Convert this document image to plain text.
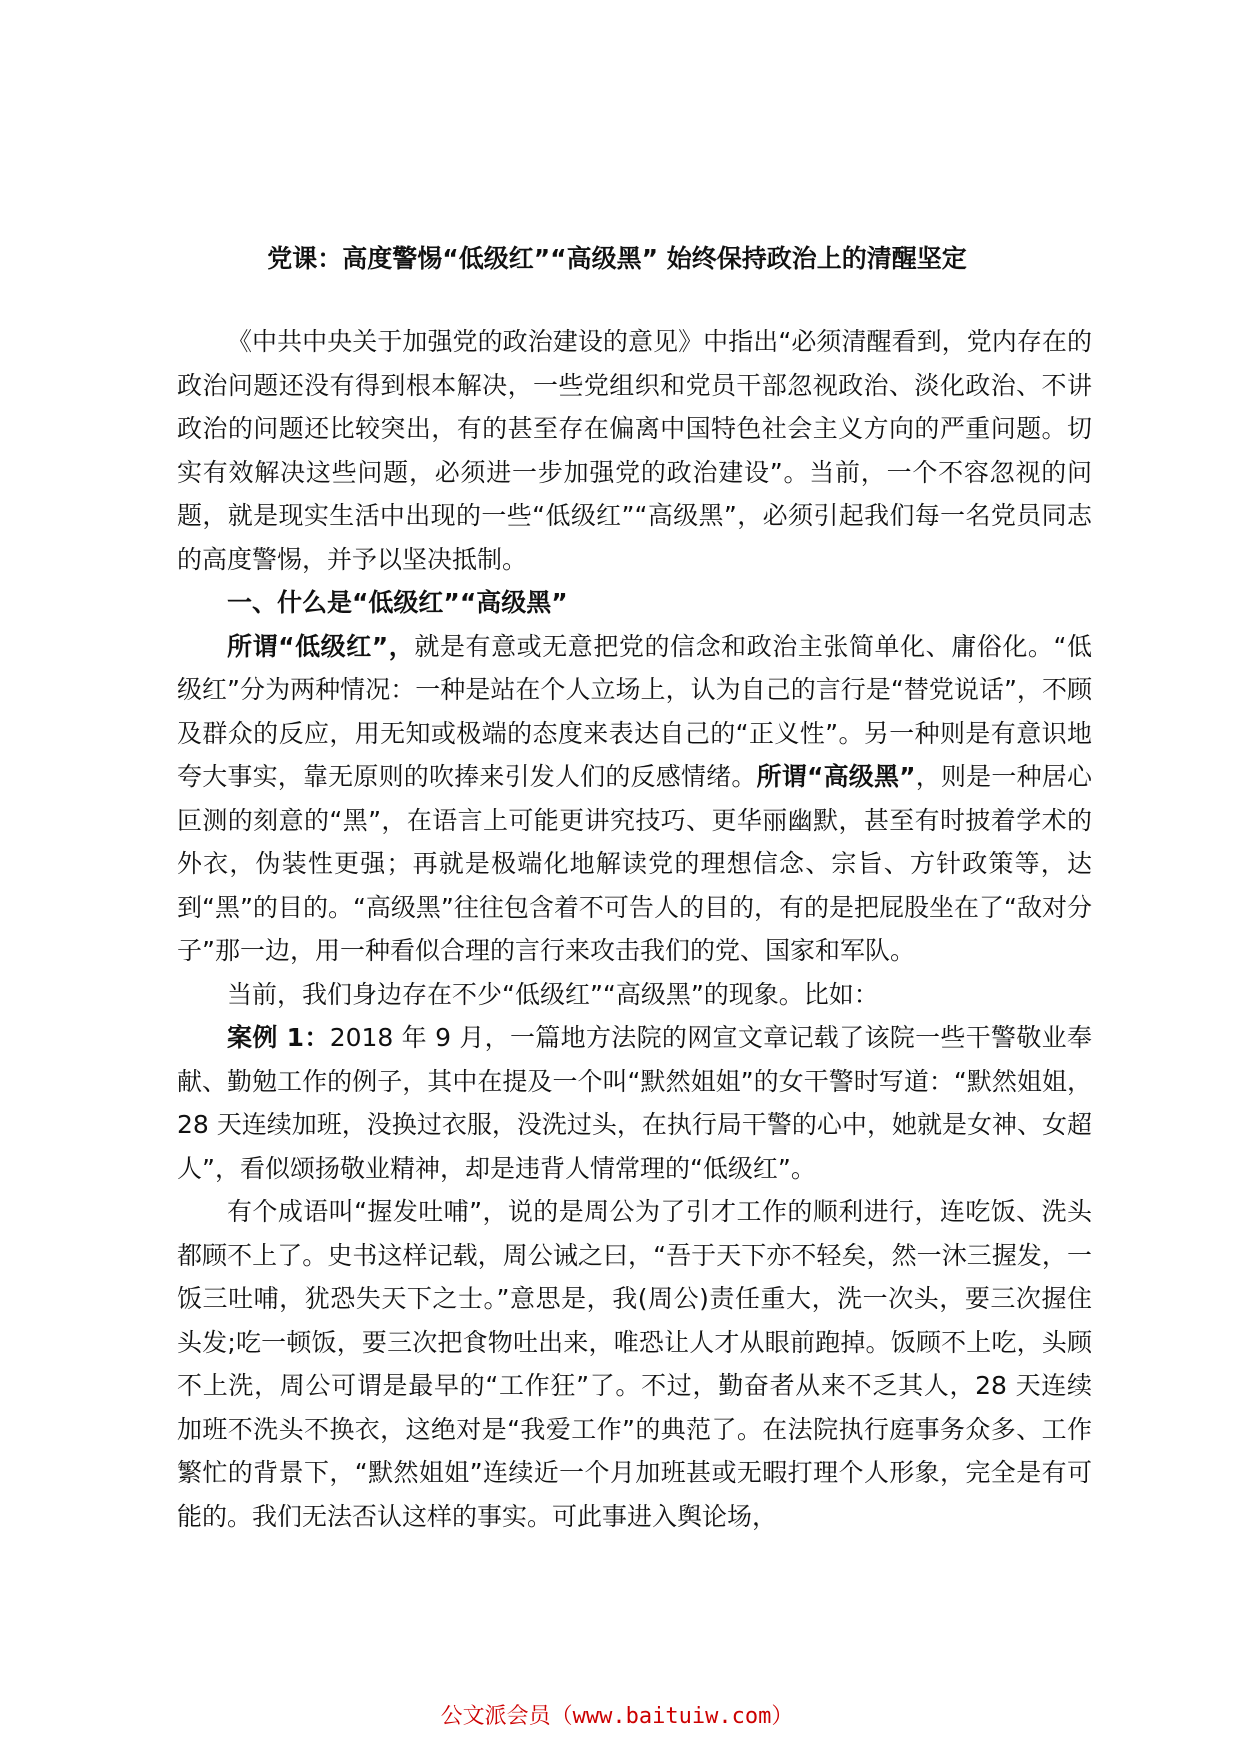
党课：高度警惕“低级红”“高级黑” 始终保持政治上的清醒坚定

《中共中央关于加强党的政治建设的意见》中指出“必须清醒看到，党内存在的政治问题还没有得到根本解决，一些党组织和党员干部忽视政治、淡化政治、不讲政治的问题还比较突出，有的甚至存在偏离中国特色社会主义方向的严重问题。切实有效解决这些问题，必须进一步加强党的政治建设”。当前，一个不容忽视的问题，就是现实生活中出现的一些“低级红”“高级黑”，必须引起我们每一名党员同志的高度警惕，并予以坚决抵制。

一、什么是“低级红”“高级黑”

所谓“低级红”，就是有意或无意把党的信念和政治主张简单化、庸俗化。“低级红”分为两种情况：一种是站在个人立场上，认为自己的言行是“替党说话”，不顾及群众的反应，用无知或极端的态度来表达自己的“正义性”。另一种则是有意识地夸大事实，靠无原则的吹捧来引发人们的反感情绪。所谓“高级黑”，则是一种居心叵测的刻意的“黑”，在语言上可能更讲究技巧、更华丽幽默，甚至有时披着学术的外衣，伪装性更强；再就是极端化地解读党的理想信念、宗旨、方针政策等，达到“黑”的目的。“高级黑”往往包含着不可告人的目的，有的是把屁股坐在了“敌对分子”那一边，用一种看似合理的言行来攻击我们的党、国家和军队。

当前，我们身边存在不少“低级红”“高级黑”的现象。比如：

案例 1：2018 年 9 月，一篇地方法院的网宣文章记载了该院一些干警敬业奉献、勤勉工作的例子，其中在提及一个叫“默然姐姐”的女干警时写道：“默然姐姐，28 天连续加班，没换过衣服，没洗过头，在执行局干警的心中，她就是女神、女超人”，看似颂扬敬业精神，却是违背人情常理的“低级红”。

有个成语叫“握发吐哺”，说的是周公为了引才工作的顺利进行，连吃饭、洗头都顾不上了。史书这样记载，周公诫之曰，“吾于天下亦不轻矣，然一沐三握发，一饭三吐哺，犹恐失天下之士。”意思是，我(周公)责任重大，洗一次头，要三次握住头发;吃一顿饭，要三次把食物吐出来，唯恐让人才从眼前跑掉。饭顾不上吃，头顾不上洗，周公可谓是最早的“工作狂”了。不过，勤奋者从来不乏其人，28 天连续加班不洗头不换衣，这绝对是“我爱工作”的典范了。在法院执行庭事务众多、工作繁忙的背景下，“默然姐姐”连续近一个月加班甚或无暇打理个人形象，完全是有可能的。我们无法否认这样的事实。可此事进入舆论场，

公文派会员（www.baituiw.com）
